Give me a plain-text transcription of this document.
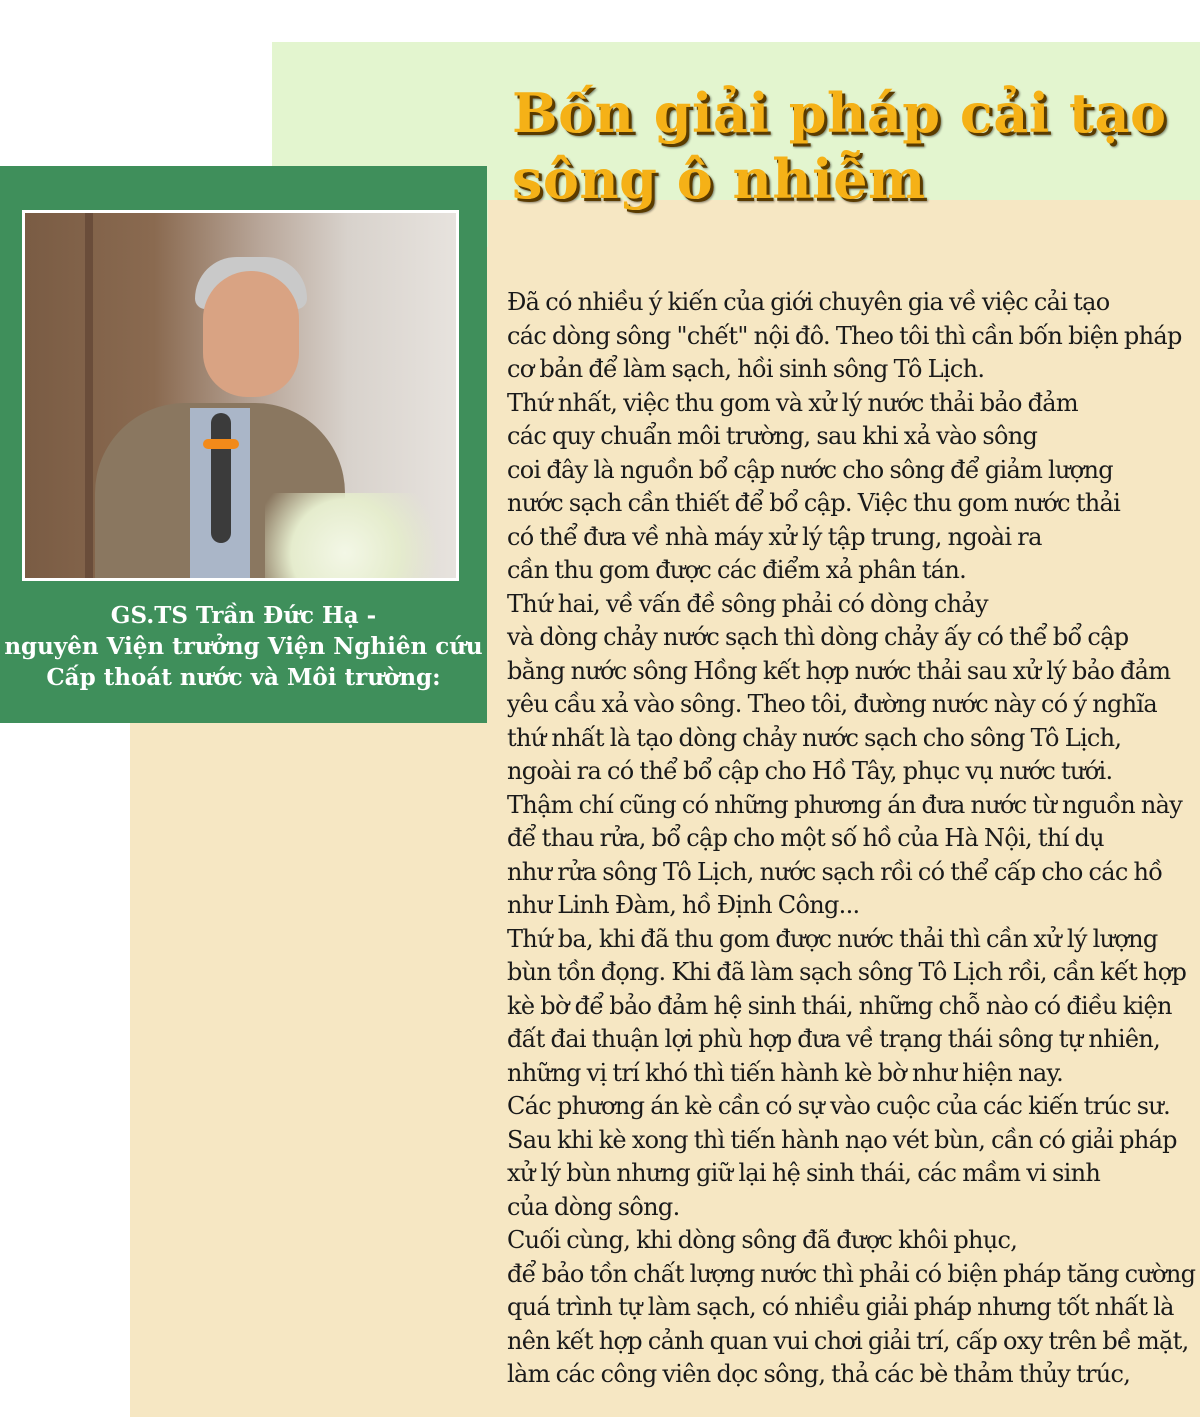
Bốn giải pháp cải tạo
sông ô nhiễm

GS.TS Trần Đức Hạ -
nguyên Viện trưởng Viện Nghiên cứu
Cấp thoát nước và Môi trường:

Đã có nhiều ý kiến của giới chuyên gia về việc cải tạo
các dòng sông "chết" nội đô. Theo tôi thì cần bốn biện pháp
cơ bản để làm sạch, hồi sinh sông Tô Lịch.
Thứ nhất, việc thu gom và xử lý nước thải bảo đảm
các quy chuẩn môi trường, sau khi xả vào sông
coi đây là nguồn bổ cập nước cho sông để giảm lượng
nước sạch cần thiết để bổ cập. Việc thu gom nước thải
có thể đưa về nhà máy xử lý tập trung, ngoài ra
cần thu gom được các điểm xả phân tán.
Thứ hai, về vấn đề sông phải có dòng chảy
và dòng chảy nước sạch thì dòng chảy ấy có thể bổ cập
bằng nước sông Hồng kết hợp nước thải sau xử lý bảo đảm
yêu cầu xả vào sông. Theo tôi, đường nước này có ý nghĩa
thứ nhất là tạo dòng chảy nước sạch cho sông Tô Lịch,
ngoài ra có thể bổ cập cho Hồ Tây, phục vụ nước tưới.
Thậm chí cũng có những phương án đưa nước từ nguồn này
để thau rửa, bổ cập cho một số hồ của Hà Nội, thí dụ
như rửa sông Tô Lịch, nước sạch rồi có thể cấp cho các hồ
như Linh Đàm, hồ Định Công...
Thứ ba, khi đã thu gom được nước thải thì cần xử lý lượng
bùn tồn đọng. Khi đã làm sạch sông Tô Lịch rồi, cần kết hợp
kè bờ để bảo đảm hệ sinh thái, những chỗ nào có điều kiện
đất đai thuận lợi phù hợp đưa về trạng thái sông tự nhiên,
những vị trí khó thì tiến hành kè bờ như hiện nay.
Các phương án kè cần có sự vào cuộc của các kiến trúc sư.
Sau khi kè xong thì tiến hành nạo vét bùn, cần có giải pháp
xử lý bùn nhưng giữ lại hệ sinh thái, các mầm vi sinh
của dòng sông.
Cuối cùng, khi dòng sông đã được khôi phục,
để bảo tồn chất lượng nước thì phải có biện pháp tăng cường
quá trình tự làm sạch, có nhiều giải pháp nhưng tốt nhất là
nên kết hợp cảnh quan vui chơi giải trí, cấp oxy trên bề mặt,
làm các công viên dọc sông, thả các bè thảm thủy trúc,
